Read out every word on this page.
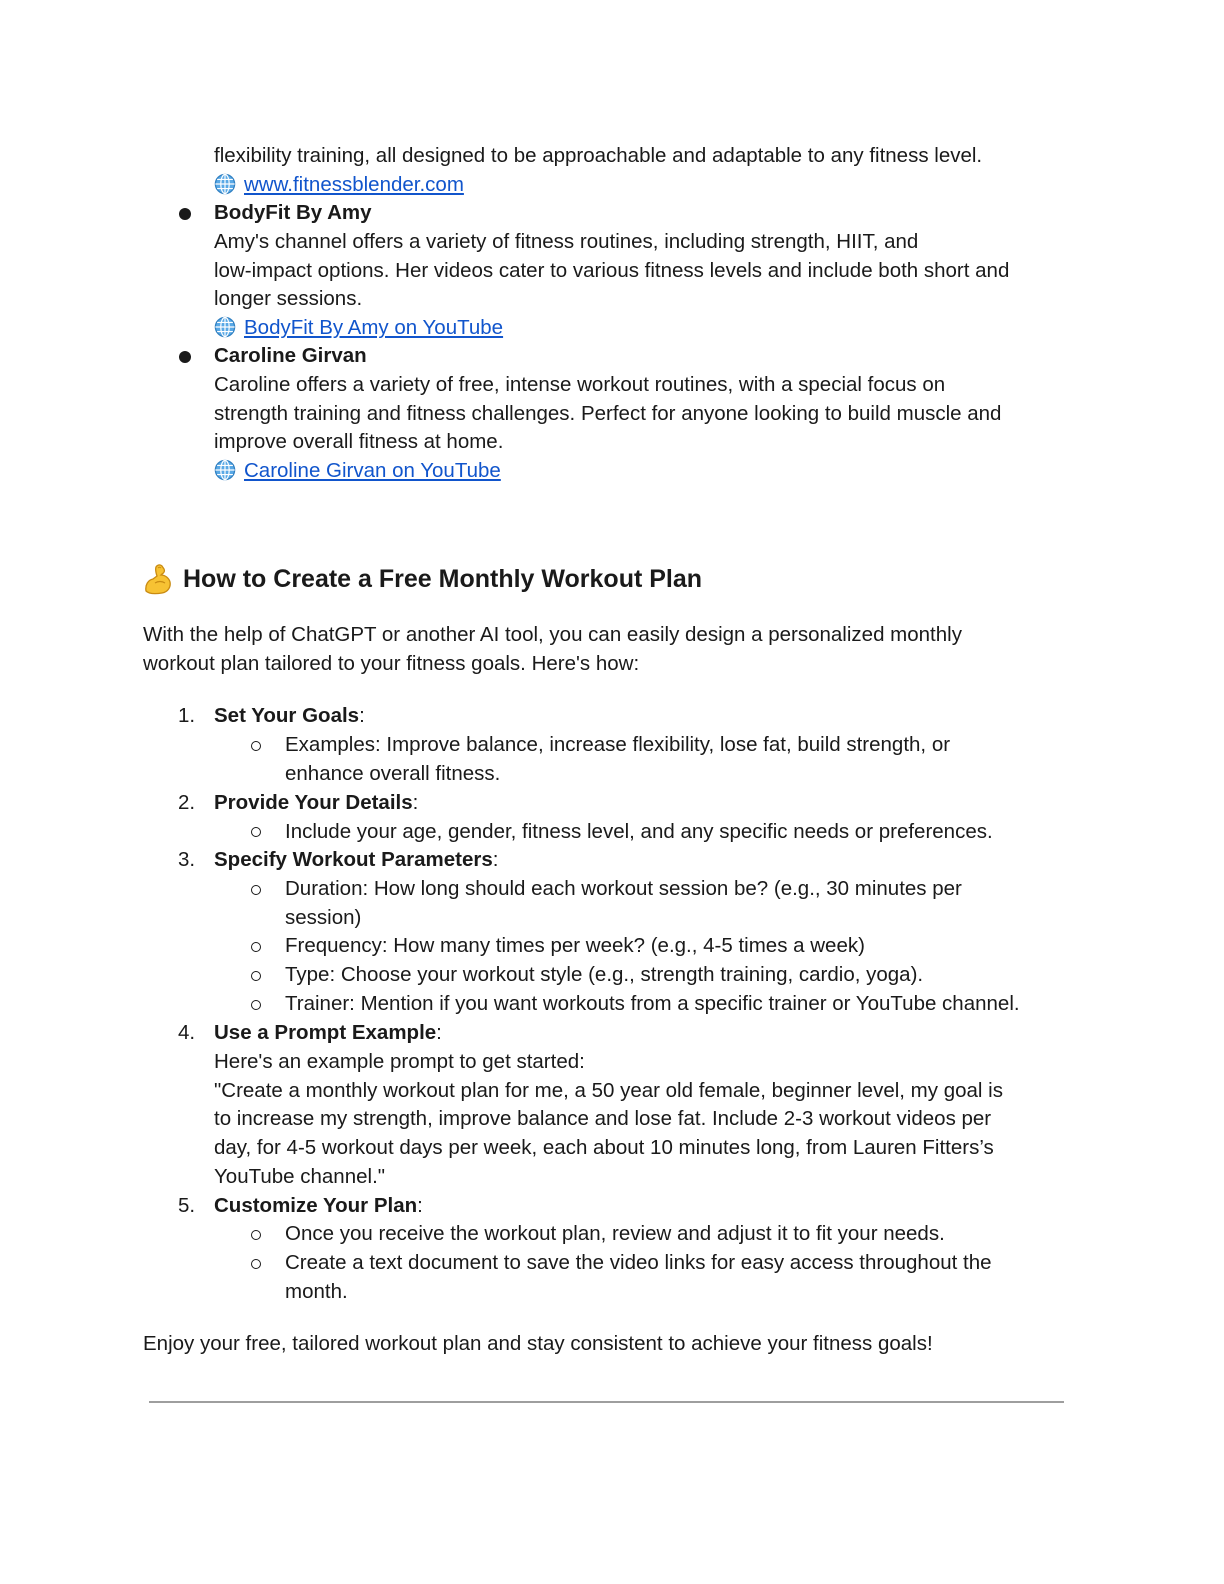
flexibility training, all designed to be approachable and adaptable to any fitness level.
www.fitnessblender.com
BodyFit By Amy
Amy's channel offers a variety of fitness routines, including strength, HIIT, and
low-impact options. Her videos cater to various fitness levels and include both short and
longer sessions.
BodyFit By Amy on YouTube
Caroline Girvan
Caroline offers a variety of free, intense workout routines, with a special focus on
strength training and fitness challenges. Perfect for anyone looking to build muscle and
improve overall fitness at home.
Caroline Girvan on YouTube
How to Create a Free Monthly Workout Plan
With the help of ChatGPT or another AI tool, you can easily design a personalized monthly
workout plan tailored to your fitness goals. Here's how:
1. Set Your Goals:
Examples: Improve balance, increase flexibility, lose fat, build strength, or
enhance overall fitness.
2. Provide Your Details:
Include your age, gender, fitness level, and any specific needs or preferences.
3. Specify Workout Parameters:
Duration: How long should each workout session be? (e.g., 30 minutes per
session)
Frequency: How many times per week? (e.g., 4-5 times a week)
Type: Choose your workout style (e.g., strength training, cardio, yoga).
Trainer: Mention if you want workouts from a specific trainer or YouTube channel.
4. Use a Prompt Example:
Here's an example prompt to get started:
"Create a monthly workout plan for me, a 50 year old female, beginner level, my goal is
to increase my strength, improve balance and lose fat. Include 2-3 workout videos per
day, for 4-5 workout days per week, each about 10 minutes long, from Lauren Fitters’s
YouTube channel."
5. Customize Your Plan:
Once you receive the workout plan, review and adjust it to fit your needs.
Create a text document to save the video links for easy access throughout the
month.
Enjoy your free, tailored workout plan and stay consistent to achieve your fitness goals!
